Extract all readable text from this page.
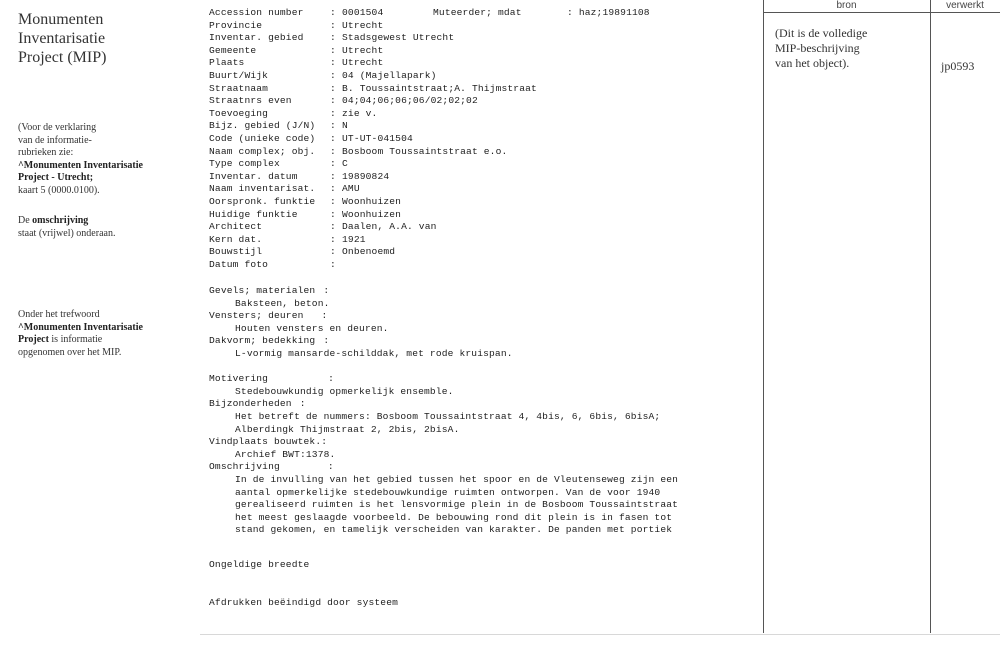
Monumenten
Inventarisatie
Project (MIP)
(Voor de verklaring
van de informatie-
rubrieken zie:
^Monumenten Inventarisatie
Project - Utrecht;
kaart 5 (0000.0100).
De omschrijving
staat (vrijwel) onderaan.
Onder het trefwoord
^Monumenten Inventarisatie
Project is informatie
opgenomen over het MIP.
Accession number	: 0001504	Muteerder; mdat	: haz;19891108
Provincie	: Utrecht
Inventar. gebied	: Stadsgewest Utrecht
Gemeente	: Utrecht
Plaats	: Utrecht
Buurt/Wijk	: 04 (Majellapark)
Straatnaam	: B. Toussaintstraat;A. Thijmstraat
Straatnrs even	: 04;04;06;06;06/02;02;02
Toevoeging	: zie v.
Bijz. gebied (J/N) : N
Code (unieke code) : UT-UT-041504
Naam complex; obj. : Bosboom Toussaintstraat e.o.
Type complex	: C
Inventar. datum	: 19890824
Naam inventarisat. : AMU
Oorspronk. funktie : Woonhuizen
Huidige funktie	: Woonhuizen
Architect	: Daalen, A.A. van
Kern dat.	: 1921
Bouwstijl	: Onbenoemd
Datum foto	:
Gevels; materialen :
Baksteen, beton.
Vensters; deuren :
Houten vensters en deuren.
Dakvorm; bedekking :
L-vormig mansarde-schilddak, met rode kruispan.
Motivering	:
Stedebouwkundig opmerkelijk ensemble.
Bijzonderheden :
Het betreft de nummers: Bosboom Toussaintstraat 4, 4bis, 6, 6bis, 6bisA;
Alberdingk Thijmstraat 2, 2bis, 2bisA.
Vindplaats bouwtek.:
Archief BWT:1378.
Omschrijving	:
In de invulling van het gebied tussen het spoor en de Vleutenseweg zijn een
aantal opmerkelijke stedebouwkundige ruimten ontworpen. Van de voor 1940
gerealiseerd ruimten is het lensvormige plein in de Bosboom Toussaintstraat
het meest geslaagde voorbeeld. De bebouwing rond dit plein is in fasen tot
stand gekomen, en tamelijk verscheiden van karakter. De panden met portiek
Ongeldige breedte
Afdrukken beëindigd door systeem
bron	verwerkt
(Dit is de volledige
MIP-beschrijving
van het object).	jp0593
